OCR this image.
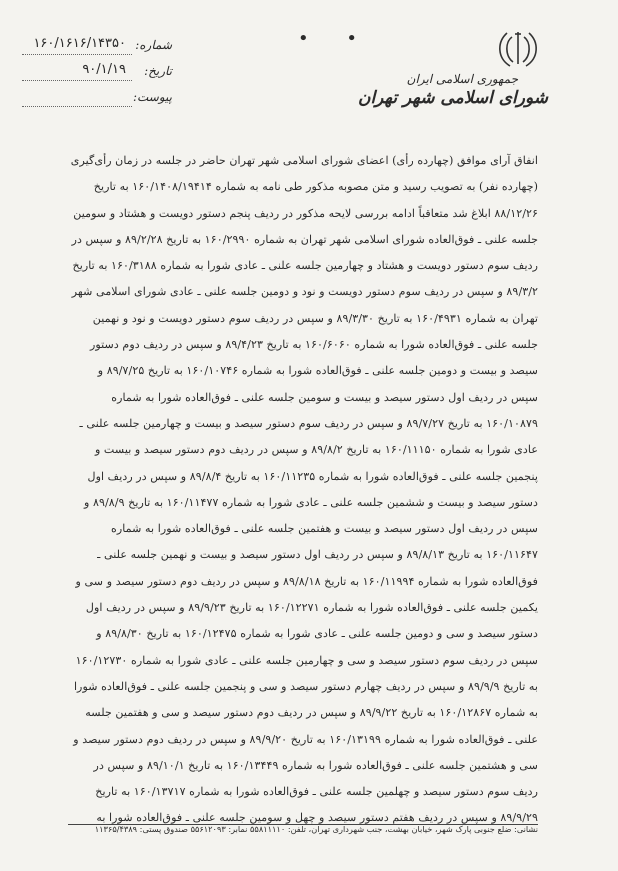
• •
شماره:
۱۶۰/۱۶۱۶/۱۴۳۵۰
تاریخ:
۹۰/۱/۱۹
پیوست:
جمهوری اسلامی ایران
شورای اسلامی شهر تهران

انفاق آرای موافق (چهارده رأی) اعضای شورای اسلامی شهر تهران حاضر در جلسه در زمان رأی‌گیری

(چهارده نفر) به تصویب رسید و متن مصوبه مذکور طی نامه به شماره ۱۶۰/۱۴۰۸/۱۹۴۱۴ به تاریخ

۸۸/۱۲/۲۶ ابلاغ شد متعاقباً ادامه بررسی لایحه مذکور در ردیف پنجم دستور دویست و هشتاد و سومین

جلسه علنی ـ فوق‌العاده شورای اسلامی شهر تهران به شماره ۱۶۰/۲۹۹۰ به تاریخ ۸۹/۲/۲۸ و سپس در

ردیف سوم دستور دویست و هشتاد و چهارمین جلسه علنی ـ عادی شورا به شماره ۱۶۰/۳۱۸۸ به تاریخ

۸۹/۳/۲ و سپس در ردیف سوم دستور دویست و نود و دومین جلسه علنی ـ عادی شورای اسلامی شهر

تهران به شماره ۱۶۰/۴۹۳۱ به تاریخ ۸۹/۳/۳۰ و سپس در ردیف سوم دستور دویست و نود و نهمین

جلسه علنی ـ فوق‌العاده شورا به شماره ۱۶۰/۶۰۶۰ به تاریخ ۸۹/۴/۲۳ و سپس در ردیف دوم دستور

سیصد و بیست و دومین جلسه علنی ـ فوق‌العاده شورا به شماره ۱۶۰/۱۰۷۴۶ به تاریخ ۸۹/۷/۲۵ و

سپس در ردیف اول دستور سیصد و بیست و سومین جلسه علنی ـ فوق‌العاده شورا به شماره

۱۶۰/۱۰۸۷۹ به تاریخ ۸۹/۷/۲۷ و سپس در ردیف سوم دستور سیصد و بیست و چهارمین جلسه علنی ـ

عادی شورا به شماره ۱۶۰/۱۱۱۵۰ به تاریخ ۸۹/۸/۲ و سپس در ردیف دوم دستور سیصد و بیست و

پنجمین جلسه علنی ـ فوق‌العاده شورا به شماره ۱۶۰/۱۱۲۳۵ به تاریخ ۸۹/۸/۴ و سپس در ردیف اول

دستور سیصد و بیست و ششمین جلسه علنی ـ عادی شورا به شماره ۱۶۰/۱۱۴۷۷ به تاریخ ۸۹/۸/۹ و

سپس در ردیف اول دستور سیصد و بیست و هفتمین جلسه علنی ـ فوق‌العاده شورا به شماره

۱۶۰/۱۱۶۴۷ به تاریخ ۸۹/۸/۱۳ و سپس در ردیف اول دستور سیصد و بیست و نهمین جلسه علنی ـ

فوق‌العاده شورا به شماره ۱۶۰/۱۱۹۹۴ به تاریخ ۸۹/۸/۱۸ و سپس در ردیف دوم دستور سیصد و سی و

یکمین جلسه علنی ـ فوق‌العاده شورا به شماره ۱۶۰/۱۲۲۷۱ به تاریخ ۸۹/۹/۲۳ و سپس در ردیف اول

دستور سیصد و سی و دومین جلسه علنی ـ عادی شورا به شماره ۱۶۰/۱۲۴۷۵ به تاریخ ۸۹/۸/۳۰ و

سپس در ردیف سوم دستور سیصد و سی و چهارمین جلسه علنی ـ عادی شورا به شماره ۱۶۰/۱۲۷۳۰

به تاریخ ۸۹/۹/۹ و سپس در ردیف چهارم دستور سیصد و سی و پنجمین جلسه علنی ـ فوق‌العاده شورا

به شماره ۱۶۰/۱۲۸۶۷ به تاریخ ۸۹/۹/۲۲ و سپس در ردیف دوم دستور سیصد و سی و هفتمین جلسه

علنی ـ فوق‌العاده شورا به شماره ۱۶۰/۱۳۱۹۹ به تاریخ ۸۹/۹/۲۰ و سپس در ردیف دوم دستور سیصد و

سی و هشتمین جلسه علنی ـ فوق‌العاده شورا به شماره ۱۶۰/۱۳۴۴۹ به تاریخ ۸۹/۱۰/۱ و سپس در

ردیف سوم دستور سیصد و چهلمین جلسه علنی ـ فوق‌العاده شورا به شماره ۱۶۰/۱۳۷۱۷ به تاریخ

۸۹/۹/۲۹ و سپس در ردیف هفتم دستور سیصد و چهل و سومین جلسه علنی ـ فوق‌العاده شورا به

نشانی: ضلع جنوبی پارک شهر، خیابان بهشت، جنب شهرداری تهران، تلفن: ۵۵۸۱۱۱۱۰ نمابر: ۵۵۶۱۲۰۹۳ صندوق پستی: ۱۱۳۶۵/۴۳۸۹
